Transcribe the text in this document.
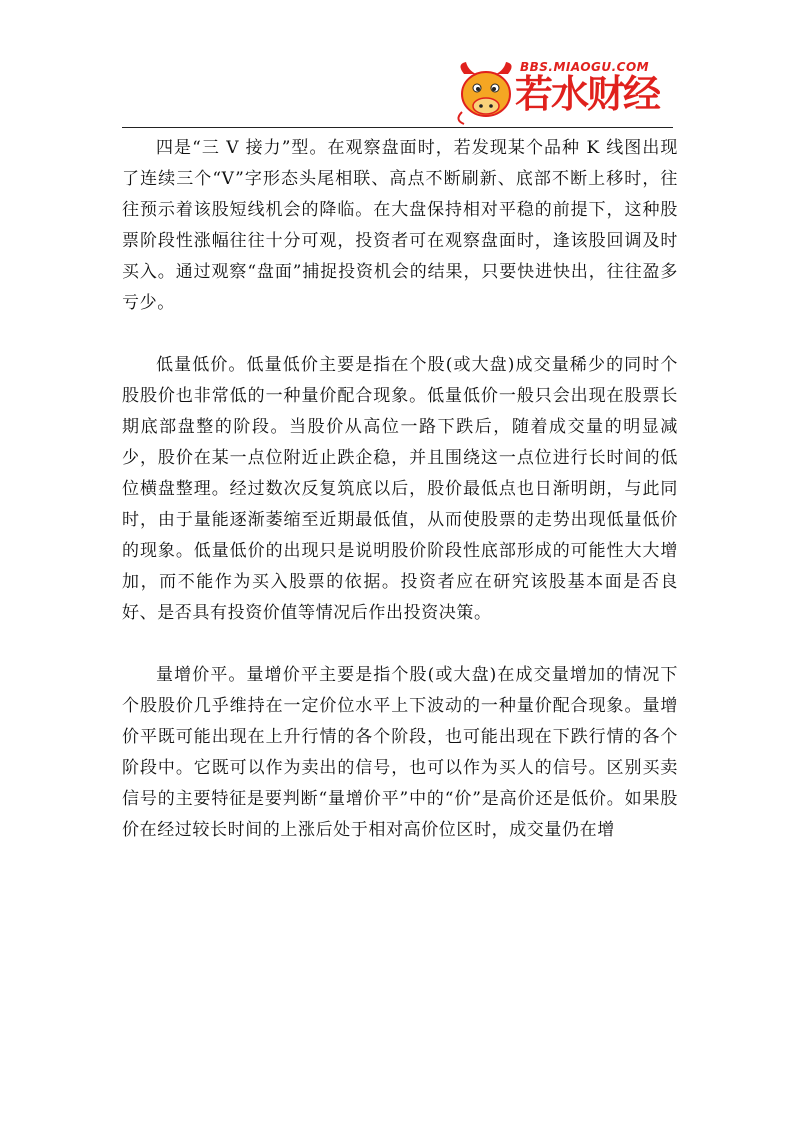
BBS.MIAOGU.COM
若水财经

四是“三 V 接力”型。在观察盘面时，若发现某个品种 K 线图出现了连续三个“V”字形态头尾相联、高点不断刷新、底部不断上移时，往往预示着该股短线机会的降临。在大盘保持相对平稳的前提下，这种股票阶段性涨幅往往十分可观，投资者可在观察盘面时，逢该股回调及时买入。通过观察“盘面”捕捉投资机会的结果，只要快进快出，往往盈多亏少。

低量低价。低量低价主要是指在个股(或大盘)成交量稀少的同时个股股价也非常低的一种量价配合现象。低量低价一般只会出现在股票长期底部盘整的阶段。当股价从高位一路下跌后，随着成交量的明显减少，股价在某一点位附近止跌企稳，并且围绕这一点位进行长时间的低位横盘整理。经过数次反复筑底以后，股价最低点也日渐明朗，与此同时，由于量能逐渐萎缩至近期最低值，从而使股票的走势出现低量低价的现象。低量低价的出现只是说明股价阶段性底部形成的可能性大大增加，而不能作为买入股票的依据。投资者应在研究该股基本面是否良好、是否具有投资价值等情况后作出投资决策。

量增价平。量增价平主要是指个股(或大盘)在成交量增加的情况下个股股价几乎维持在一定价位水平上下波动的一种量价配合现象。量增价平既可能出现在上升行情的各个阶段，也可能出现在下跌行情的各个阶段中。它既可以作为卖出的信号，也可以作为买人的信号。区别买卖信号的主要特征是要判断“量增价平”中的“价”是高价还是低价。如果股价在经过较长时间的上涨后处于相对高价位区时，成交量仍在增
